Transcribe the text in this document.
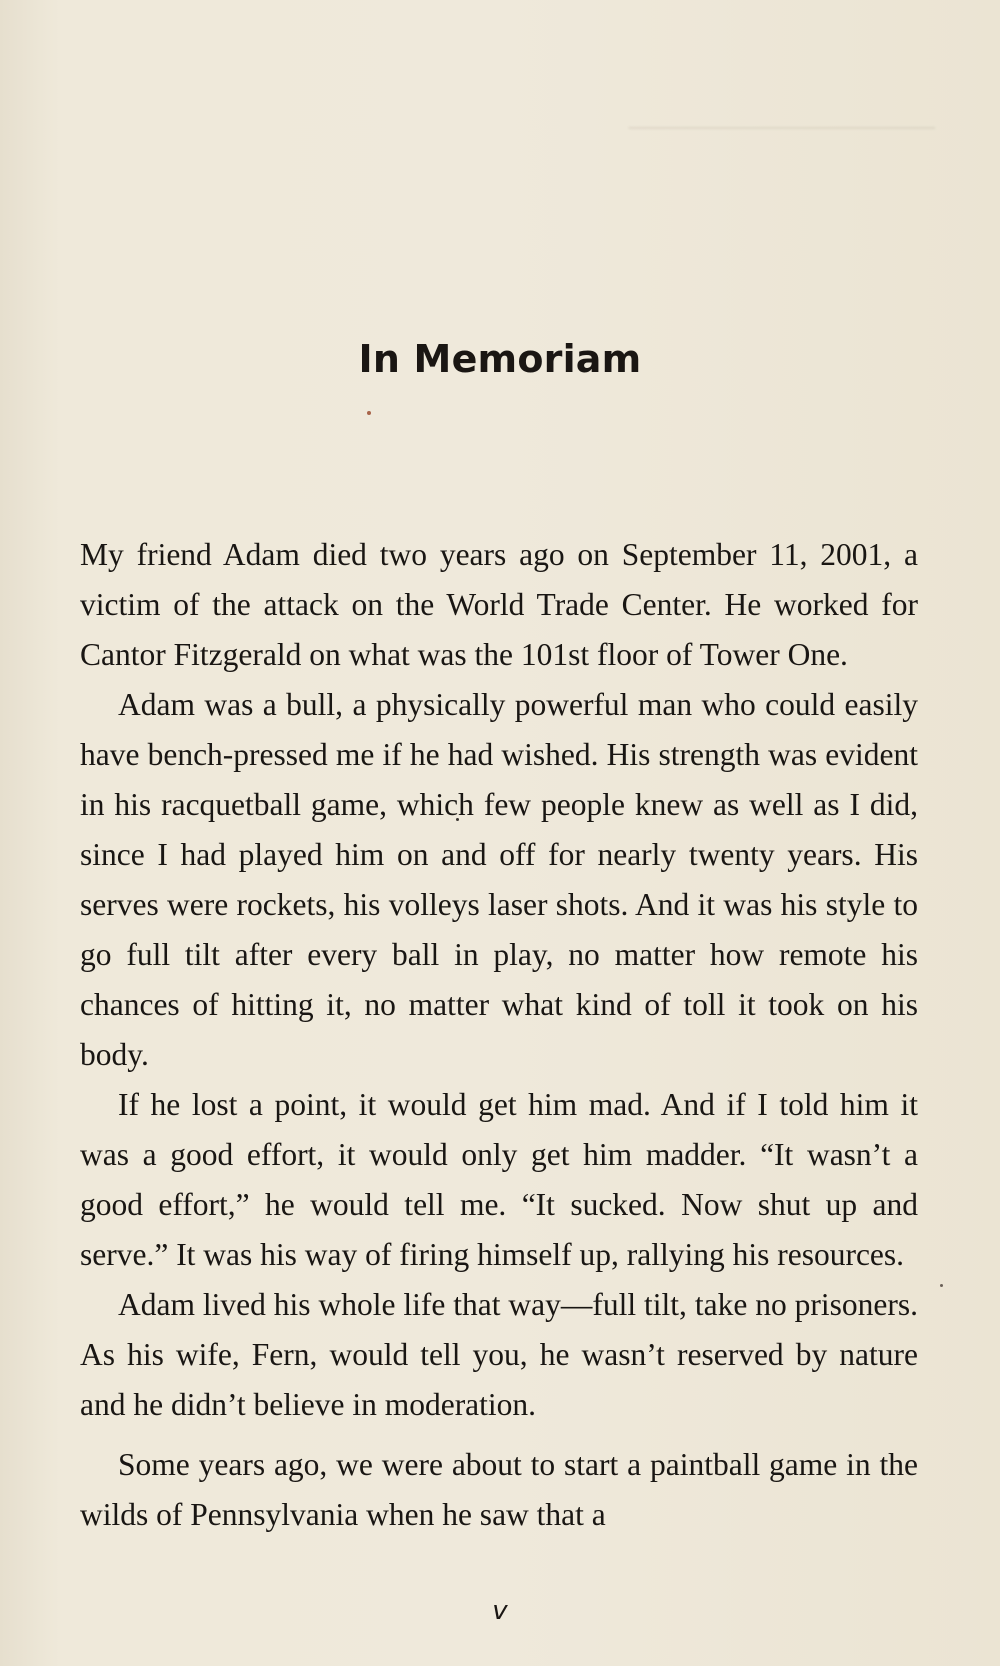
────────────────
In Memoriam

My friend Adam died two years ago on September 11, 2001, a victim of the attack on the World Trade Center. He worked for Cantor Fitzgerald on what was the 101st floor of Tower One.

Adam was a bull, a physically powerful man who could easily have bench-pressed me if he had wished. His strength was evident in his racquetball game, which few people knew as well as I did, since I had played him on and off for nearly twenty years. His serves were rockets, his volleys laser shots. And it was his style to go full tilt after every ball in play, no matter how remote his chances of hitting it, no matter what kind of toll it took on his body.

If he lost a point, it would get him mad. And if I told him it was a good effort, it would only get him madder. “It wasn’t a good effort,” he would tell me. “It sucked. Now shut up and serve.” It was his way of firing himself up, rallying his resources.

Adam lived his whole life that way—full tilt, take no prisoners. As his wife, Fern, would tell you, he wasn’t reserved by nature and he didn’t believe in moderation.

Some years ago, we were about to start a paintball game in the wilds of Pennsylvania when he saw that a

v
